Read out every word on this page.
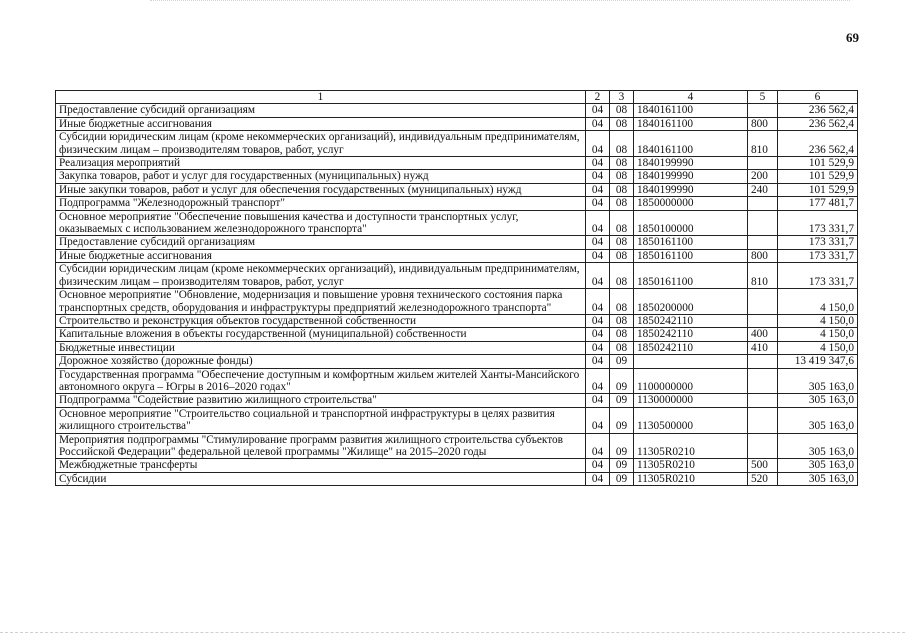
69
1	2	3	4	5	6
Предоставление субсидий организациям	04	08	1840161100		236 562,4
Иные бюджетные ассигнования	04	08	1840161100	800	236 562,4
Субсидии юридическим лицам (кроме некоммерческих организаций), индивидуальным предпринимателям, физическим лицам – производителям товаров, работ, услуг	04	08	1840161100	810	236 562,4
Реализация мероприятий	04	08	1840199990		101 529,9
Закупка товаров, работ и услуг для государственных (муниципальных) нужд	04	08	1840199990	200	101 529,9
Иные закупки товаров, работ и услуг для обеспечения государственных (муниципальных) нужд	04	08	1840199990	240	101 529,9
Подпрограмма "Железнодорожный транспорт"	04	08	1850000000		177 481,7
Основное мероприятие "Обеспечение повышения качества и доступности транспортных услуг, оказываемых с использованием железнодорожного транспорта"	04	08	1850100000		173 331,7
Предоставление субсидий организациям	04	08	1850161100		173 331,7
Иные бюджетные ассигнования	04	08	1850161100	800	173 331,7
Субсидии юридическим лицам (кроме некоммерческих организаций), индивидуальным предпринимателям, физическим лицам – производителям товаров, работ, услуг	04	08	1850161100	810	173 331,7
Основное мероприятие "Обновление, модернизация и повышение уровня технического состояния парка транспортных средств, оборудования и инфраструктуры предприятий железнодорожного транспорта"	04	08	1850200000		4 150,0
Строительство и реконструкция объектов государственной собственности	04	08	1850242110		4 150,0
Капитальные вложения в объекты государственной (муниципальной) собственности	04	08	1850242110	400	4 150,0
Бюджетные инвестиции	04	08	1850242110	410	4 150,0
Дорожное хозяйство (дорожные фонды)	04	09			13 419 347,6
Государственная программа "Обеспечение доступным и комфортным жильем жителей Ханты-Мансийского автономного округа – Югры в 2016–2020 годах"	04	09	1100000000		305 163,0
Подпрограмма "Содействие развитию жилищного строительства"	04	09	1130000000		305 163,0
Основное мероприятие "Строительство социальной и транспортной инфраструктуры в целях развития жилищного строительства"	04	09	1130500000		305 163,0
Мероприятия подпрограммы "Стимулирование программ развития жилищного строительства субъектов Российской Федерации" федеральной целевой программы "Жилище" на 2015–2020 годы	04	09	11305R0210		305 163,0
Межбюджетные трансферты	04	09	11305R0210	500	305 163,0
Субсидии	04	09	11305R0210	520	305 163,0
